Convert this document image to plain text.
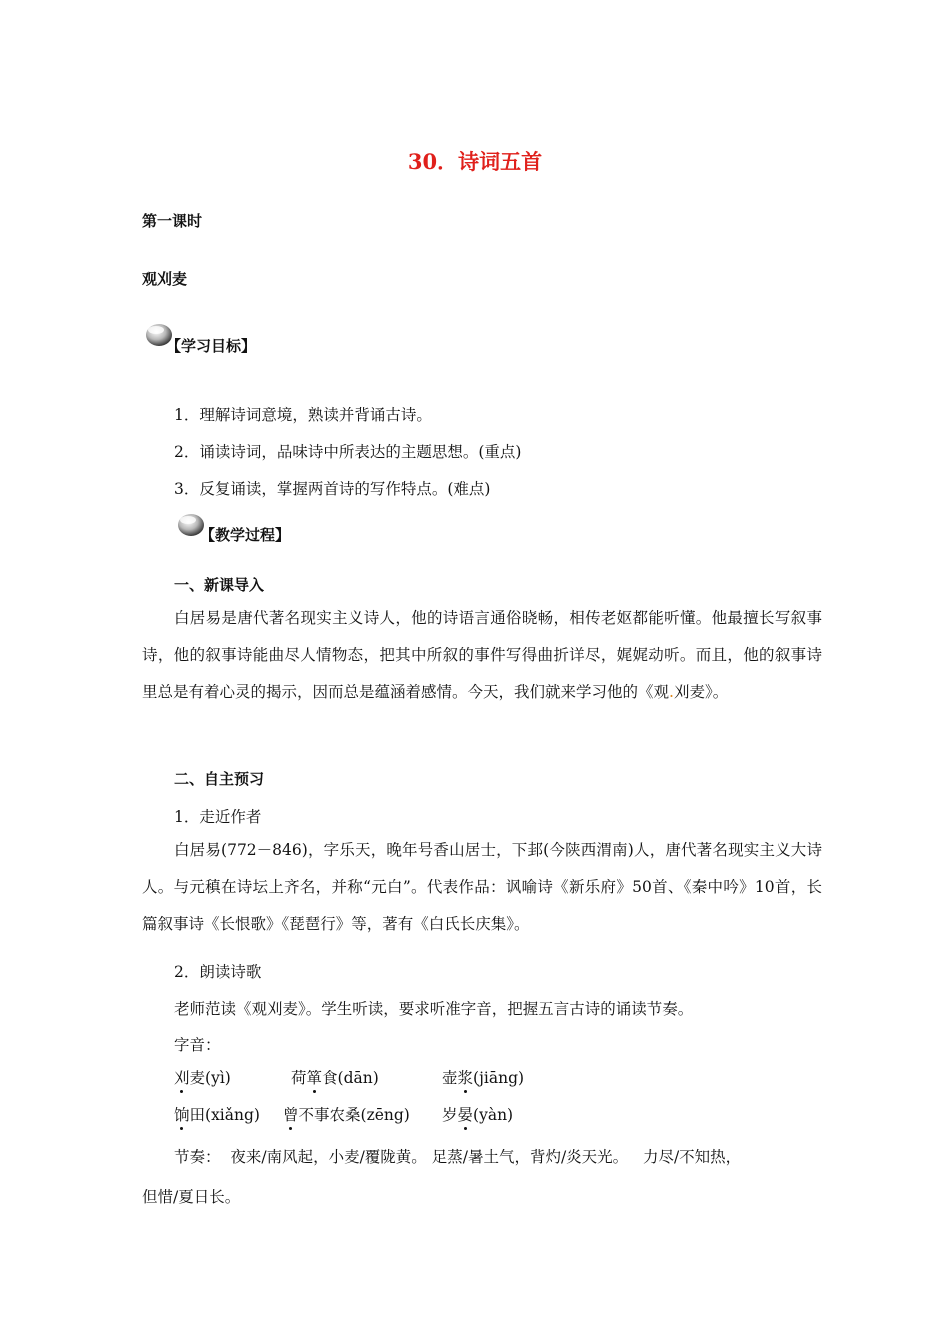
30．诗词五首
第一课时
观刈麦
【学习目标】
1．理解诗词意境，熟读并背诵古诗。
2．诵读诗词，品味诗中所表达的主题思想。(重点)
3．反复诵读，掌握两首诗的写作特点。(难点)
【教学过程】
一、新课导入
白居易是唐代著名现实主义诗人，他的诗语言通俗晓畅，相传老妪都能听懂。他最擅长写叙事诗，他的叙事诗能曲尽人情物态，把其中所叙的事件写得曲折详尽，娓娓动听。而且，他的叙事诗里总是有着心灵的揭示，因而总是蕴涵着感情。今天，我们就来学习他的《观.刈麦》。
二、自主预习
1．走近作者
白居易(772－846)，字乐天，晚年号香山居士，下邽(今陕西渭南)人，唐代著名现实主义大诗人。与元稹在诗坛上齐名，并称“元白”。代表作品：讽喻诗《新乐府》50首、《秦中吟》10首，长篇叙事诗《长恨歌》《琵琶行》等，著有《白氏长庆集》。
2．朗读诗歌
老师范读《观刈麦》。学生听读，要求听准字音，把握五言古诗的诵读节奏。
字音：
刈麦(yì)	荷箪食(dān)	壶浆(jiāng)
饷田(xiǎng) 曾不事农桑(zēng) 岁晏(yàn)
节奏：  夜来/南风起，小麦/覆陇黄。 足蒸/暑土气，背灼/炎天光。   力尽/不知热，
但惜/夏日长。
